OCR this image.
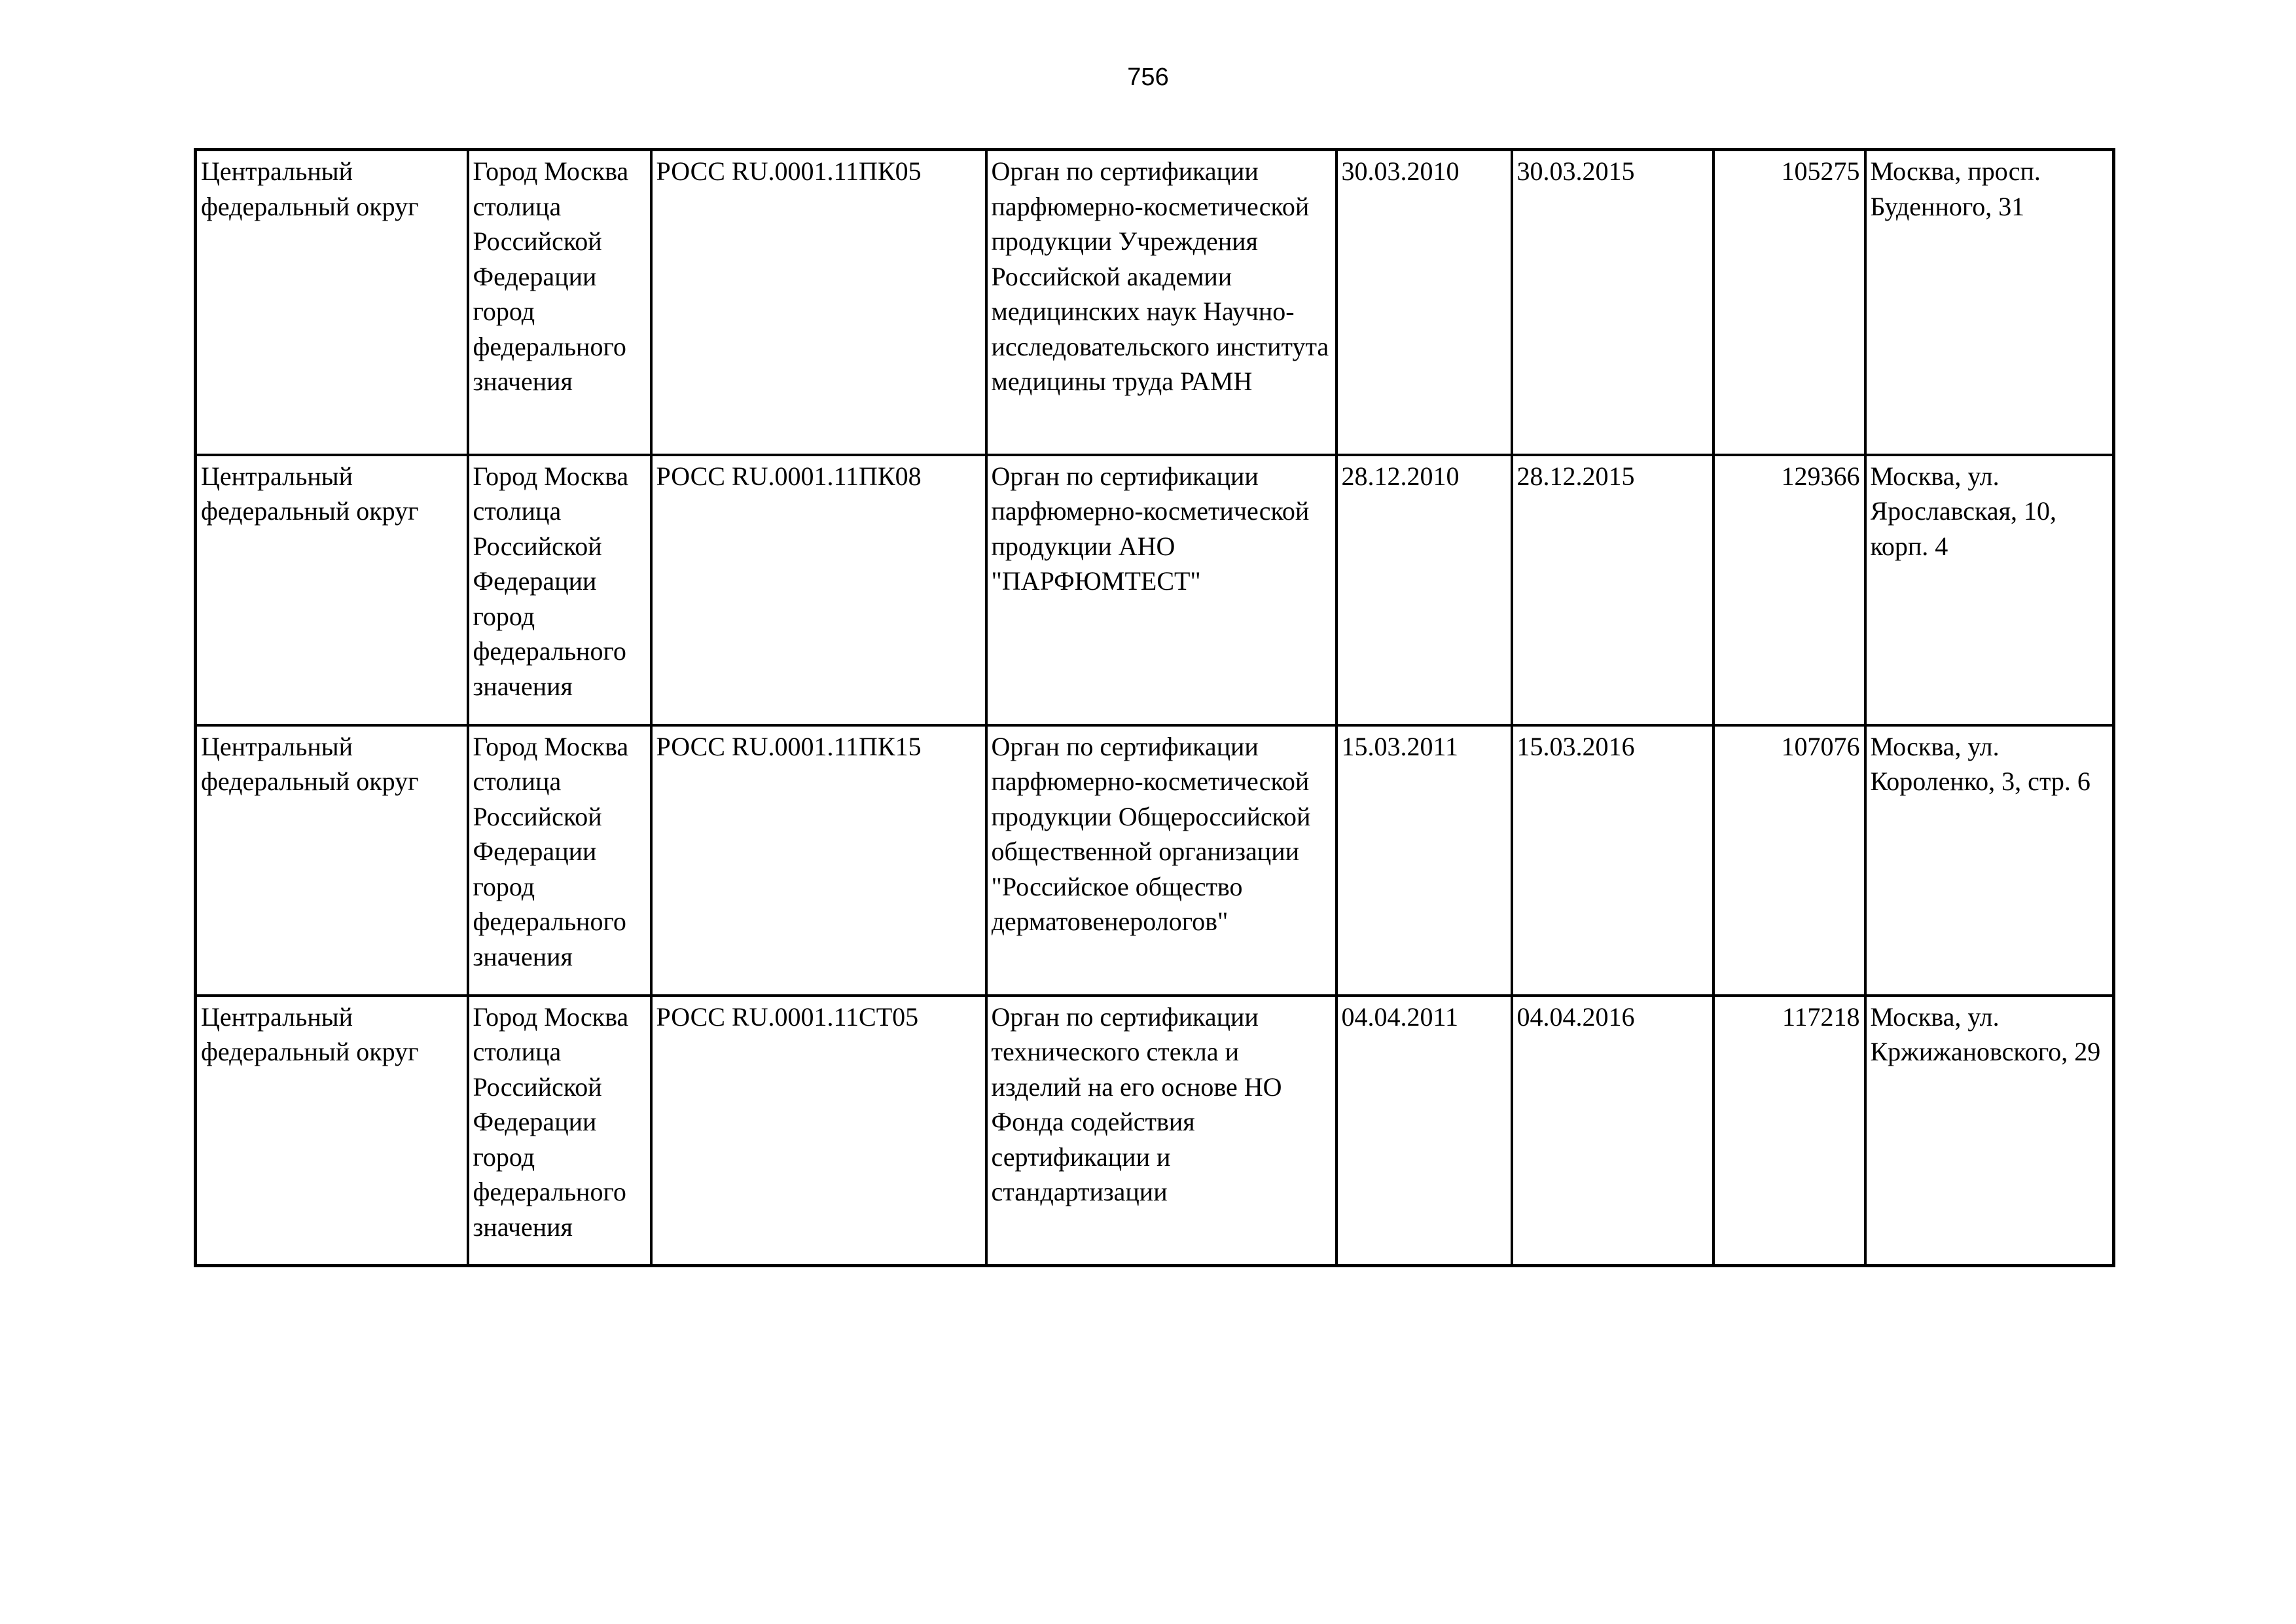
756
Центральный федеральный округ	Город Москва столица Российской Федерации город федерального значения	РОСС RU.0001.11ПК05	Орган по сертификации парфюмерно-косметической продукции Учреждения Российской академии медицинских наук Научно-исследовательского института медицины труда РАМН	30.03.2010	30.03.2015	105275	Москва, просп. Буденного, 31

Центральный федеральный округ	Город Москва столица Российской Федерации город федерального значения	РОСС RU.0001.11ПК08	Орган по сертификации парфюмерно-косметической продукции АНО "ПАРФЮМТЕСТ"	28.12.2010	28.12.2015	129366	Москва, ул. Ярославская, 10, корп. 4

Центральный федеральный округ	Город Москва столица Российской Федерации город федерального значения	РОСС RU.0001.11ПК15	Орган по сертификации парфюмерно-косметической продукции Общероссийской общественной организации "Российское общество дерматовенерологов"	15.03.2011	15.03.2016	107076	Москва, ул. Короленко, 3, стр. 6

Центральный федеральный округ	Город Москва столица Российской Федерации город федерального значения	РОСС RU.0001.11СТ05	Орган по сертификации технического стекла и изделий на его основе НО Фонда содействия сертификации и стандартизации	04.04.2011	04.04.2016	117218	Москва, ул. Кржижановского, 29
